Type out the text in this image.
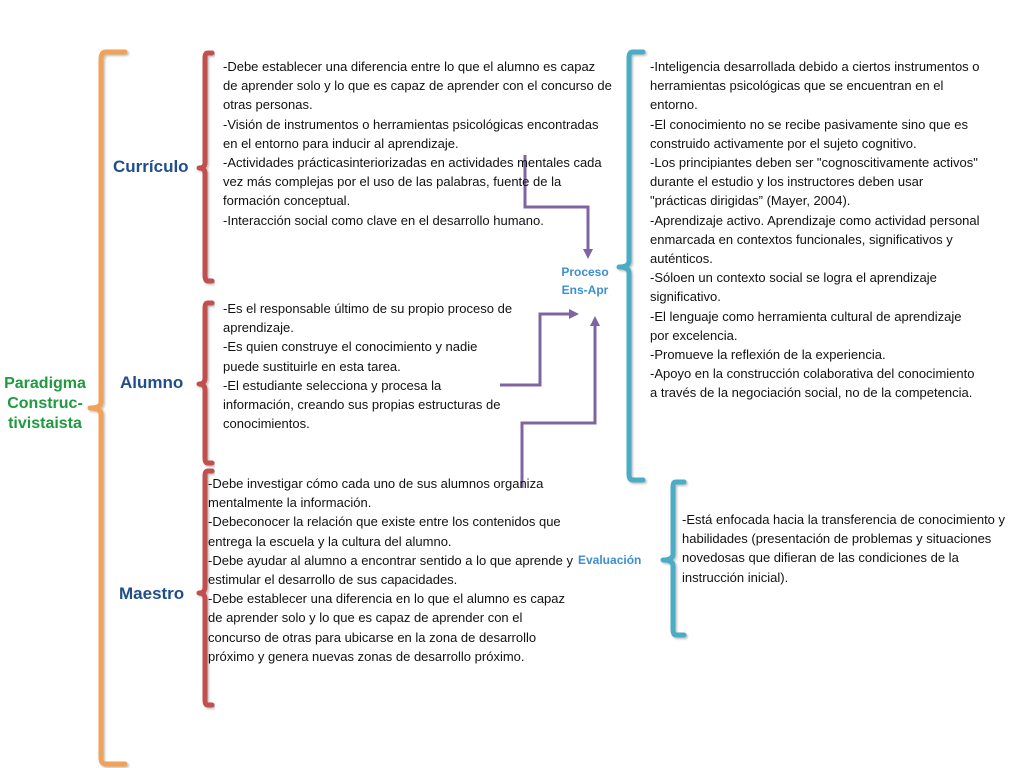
Paradigma
Construc-
tivistaista
Currículo
Alumno
Maestro
Proceso
Ens-Apr
Evaluación
-Debe establecer una diferencia entre lo que el alumno es capaz de aprender solo y lo que es capaz de aprender con el concurso de otras personas.
-Visión de instrumentos o herramientas psicológicas encontradas en el entorno para inducir al aprendizaje.
-Actividades prácticasinteriorizadas en actividades mentales cada vez más complejas por el uso de las palabras, fuente de la formación conceptual.
-Interacción social como clave en el desarrollo humano.
-Es el responsable último de su propio proceso de aprendizaje.
-Es quien construye el conocimiento y nadie puede sustituirle en esta tarea.
-El estudiante selecciona y procesa la información, creando sus propias estructuras de conocimientos.
-Debe investigar cómo cada uno de sus alumnos organiza mentalmente la información.
-Debeconocer la relación que existe entre los contenidos que entrega la escuela y la cultura del alumno.
-Debe ayudar al alumno a encontrar sentido a lo que aprende y estimular el desarrollo de sus capacidades.
-Debe establecer una diferencia en lo que el alumno es capaz de aprender solo y lo que es capaz de aprender con el concurso de otras para ubicarse en la zona de desarrollo próximo y genera nuevas zonas de desarrollo próximo.
-Inteligencia desarrollada debido a ciertos instrumentos o herramientas psicológicas que se encuentran en el entorno.
-El conocimiento no se recibe pasivamente sino que es construido activamente por el sujeto cognitivo.
-Los principiantes deben ser "cognoscitivamente activos" durante el estudio y los instructores deben usar "prácticas dirigidas” (Mayer, 2004).
-Aprendizaje activo. Aprendizaje como actividad personal enmarcada en contextos funcionales, significativos y auténticos.
-Sóloen un contexto social se logra el aprendizaje significativo.
-El lenguaje como herramienta cultural de aprendizaje por excelencia.
-Promueve la reflexión de la experiencia.
-Apoyo en la construcción colaborativa del conocimiento a través de la negociación social, no de la competencia.
-Está enfocada hacia la transferencia de conocimiento y habilidades (presentación de problemas y situaciones novedosas que difieran de las condiciones de la instrucción inicial).
